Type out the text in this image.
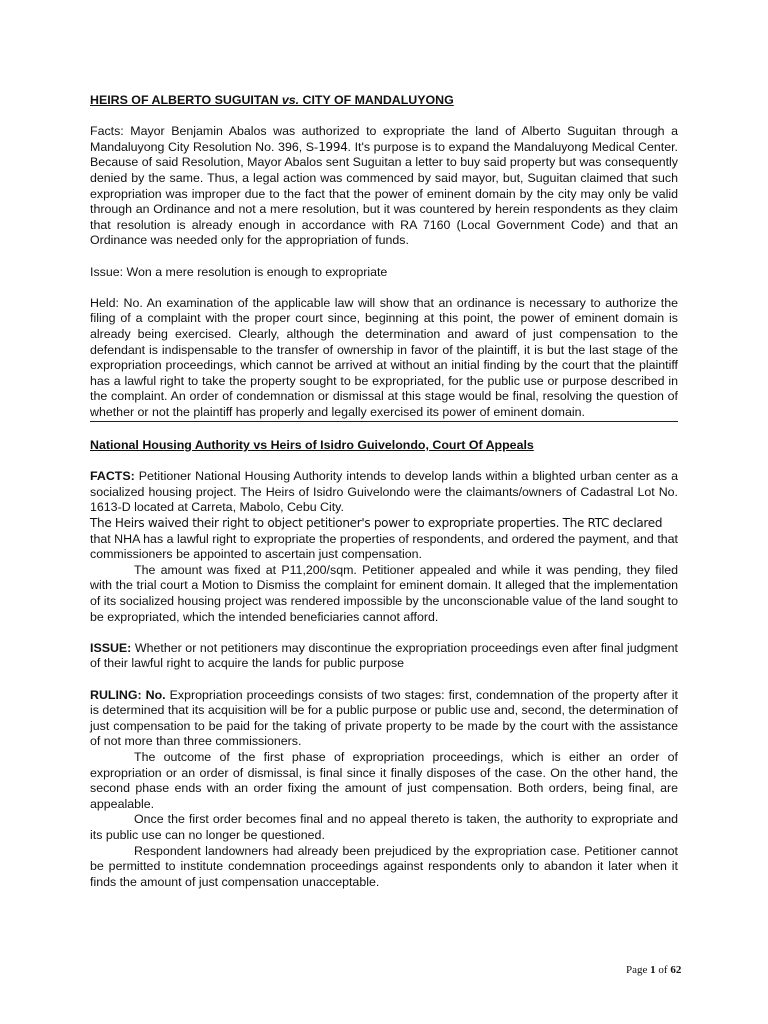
HEIRS OF ALBERTO SUGUITAN vs. CITY OF MANDALUYONG

Facts: Mayor Benjamin Abalos was authorized to expropriate the land of Alberto Suguitan through a Mandaluyong City Resolution No. 396, S-1994. It's purpose is to expand the Mandaluyong Medical Center. Because of said Resolution, Mayor Abalos sent Suguitan a letter to buy said property but was consequently denied by the same. Thus, a legal action was commenced by said mayor, but, Suguitan claimed that such expropriation was improper due to the fact that the power of eminent domain by the city may only be valid through an Ordinance and not a mere resolution, but it was countered by herein respondents as they claim that resolution is already enough in accordance with RA 7160 (Local Government Code) and that an Ordinance was needed only for the appropriation of funds.

Issue: Won a mere resolution is enough to expropriate

Held: No. An examination of the applicable law will show that an ordinance is necessary to authorize the filing of a complaint with the proper court since, beginning at this point, the power of eminent domain is already being exercised. Clearly, although the determination and award of just compensation to the defendant is indispensable to the transfer of ownership in favor of the plaintiff, it is but the last stage of the expropriation proceedings, which cannot be arrived at without an initial finding by the court that the plaintiff has a lawful right to take the property sought to be expropriated, for the public use or purpose described in the complaint. An order of condemnation or dismissal at this stage would be final, resolving the question of whether or not the plaintiff has properly and legally exercised its power of eminent domain.

National Housing Authority vs Heirs of Isidro Guivelondo, Court Of Appeals

FACTS: Petitioner National Housing Authority intends to develop lands within a blighted urban center as a socialized housing project. The Heirs of Isidro Guivelondo were the claimants/owners of Cadastral Lot No. 1613-D located at Carreta, Mabolo, Cebu City.

The Heirs waived their right to object petitioner's power to expropriate properties. The RTC declared

that NHA has a lawful right to expropriate the properties of respondents, and ordered the payment, and that commissioners be appointed to ascertain just compensation.

The amount was fixed at P11,200/sqm. Petitioner appealed and while it was pending, they filed with the trial court a Motion to Dismiss the complaint for eminent domain. It alleged that the implementation of its socialized housing project was rendered impossible by the unconscionable value of the land sought to be expropriated, which the intended beneficiaries cannot afford.

ISSUE: Whether or not petitioners may discontinue the expropriation proceedings even after final judgment of their lawful right to acquire the lands for public purpose

RULING: No. Expropriation proceedings consists of two stages: first, condemnation of the property after it is determined that its acquisition will be for a public purpose or public use and, second, the determination of just compensation to be paid for the taking of private property to be made by the court with the assistance of not more than three commissioners.

The outcome of the first phase of expropriation proceedings, which is either an order of expropriation or an order of dismissal, is final since it finally disposes of the case. On the other hand, the second phase ends with an order fixing the amount of just compensation. Both orders, being final, are appealable.

Once the first order becomes final and no appeal thereto is taken, the authority to expropriate and its public use can no longer be questioned.

Respondent landowners had already been prejudiced by the expropriation case. Petitioner cannot be permitted to institute condemnation proceedings against respondents only to abandon it later when it finds the amount of just compensation unacceptable.

Page 1 of 62
